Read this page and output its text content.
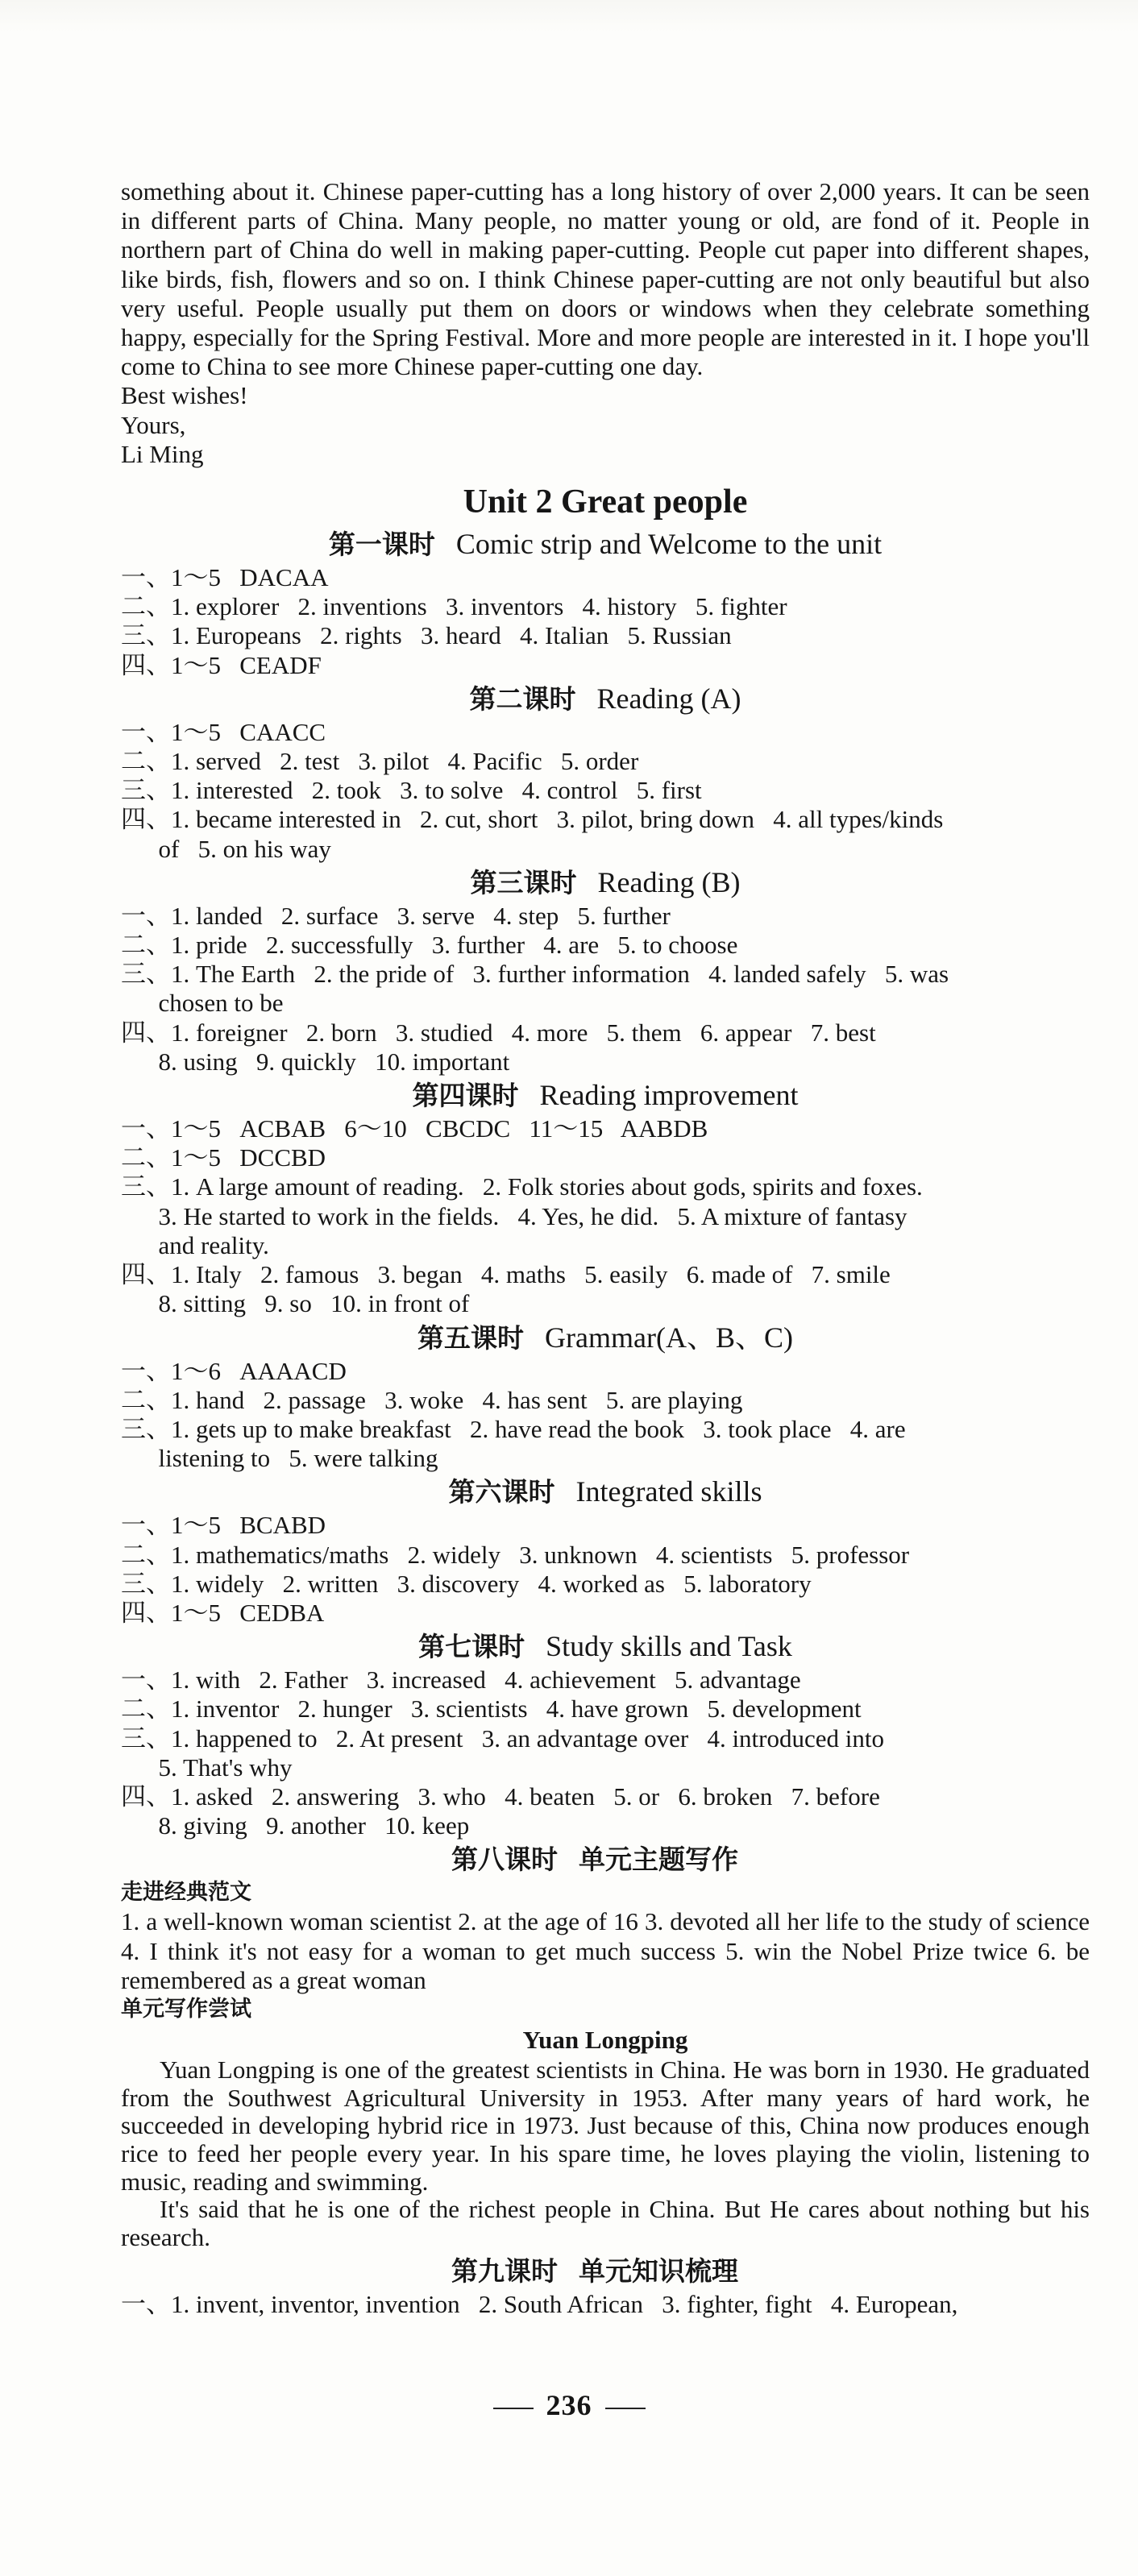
something about it. Chinese paper-cutting has a long history of over 2,000 years. It can be seen in different parts of China. Many people, no matter young or old, are fond of it. People in northern part of China do well in making paper-cutting. People cut paper into different shapes, like birds, fish, flowers and so on. I think Chinese paper-cutting are not only beautiful but also very useful. People usually put them on doors or windows when they celebrate something happy, especially for the Spring Festival. More and more people are interested in it. I hope you'll come to China to see more Chinese paper-cutting one day.

Best wishes!

Yours,

Li Ming

Unit 2 Great people
第一课时 Comic strip and Welcome to the unit

一、1～5   DACAA

二、1. explorer   2. inventions   3. inventors   4. history   5. fighter

三、1. Europeans   2. rights   3. heard   4. Italian   5. Russian

四、1～5   CEADF

第二课时 Reading (A)

一、1～5   CAACC

二、1. served   2. test   3. pilot   4. Pacific   5. order

三、1. interested   2. took   3. to solve   4. control   5. first

四、1. became interested in   2. cut, short   3. pilot, bring down   4. all types/kinds

of   5. on his way

第三课时 Reading (B)

一、1. landed   2. surface   3. serve   4. step   5. further

二、1. pride   2. successfully   3. further   4. are   5. to choose

三、1. The Earth   2. the pride of   3. further information   4. landed safely   5. was

chosen to be

四、1. foreigner   2. born   3. studied   4. more   5. them   6. appear   7. best

8. using   9. quickly   10. important

第四课时 Reading improvement

一、1～5   ACBAB   6～10   CBCDC   11～15   AABDB

二、1～5   DCCBD

三、1. A large amount of reading.   2. Folk stories about gods, spirits and foxes.

3. He started to work in the fields.   4. Yes, he did.   5. A mixture of fantasy

and reality.

四、1. Italy   2. famous   3. began   4. maths   5. easily   6. made of   7. smile

8. sitting   9. so   10. in front of

第五课时 Grammar(A、B、C)

一、1～6   AAAACD

二、1. hand   2. passage   3. woke   4. has sent   5. are playing

三、1. gets up to make breakfast   2. have read the book   3. took place   4. are

listening to   5. were talking

第六课时 Integrated skills

一、1～5   BCABD

二、1. mathematics/maths   2. widely   3. unknown   4. scientists   5. professor

三、1. widely   2. written   3. discovery   4. worked as   5. laboratory

四、1～5   CEDBA

第七课时 Study skills and Task

一、1. with   2. Father   3. increased   4. achievement   5. advantage

二、1. inventor   2. hunger   3. scientists   4. have grown   5. development

三、1. happened to   2. At present   3. an advantage over   4. introduced into

5. That's why

四、1. asked   2. answering   3. who   4. beaten   5. or   6. broken   7. before

8. giving   9. another   10. keep

第八课时 单元主题写作

走进经典范文

1. a well-known woman scientist 2. at the age of 16 3. devoted all her life to the study of science 4. I think it's not easy for a woman to get much success 5. win the Nobel Prize twice 6. be remembered as a great woman

单元写作尝试

Yuan Longping

Yuan Longping is one of the greatest scientists in China. He was born in 1930. He graduated from the Southwest Agricultural University in 1953. After many years of hard work, he succeeded in developing hybrid rice in 1973. Just because of this, China now produces enough rice to feed her people every year. In his spare time, he loves playing the violin, listening to music, reading and swimming.

It's said that he is one of the richest people in China. But He cares about nothing but his research.

第九课时 单元知识梳理

一、1. invent, inventor, invention   2. South African   3. fighter, fight   4. European,

236
